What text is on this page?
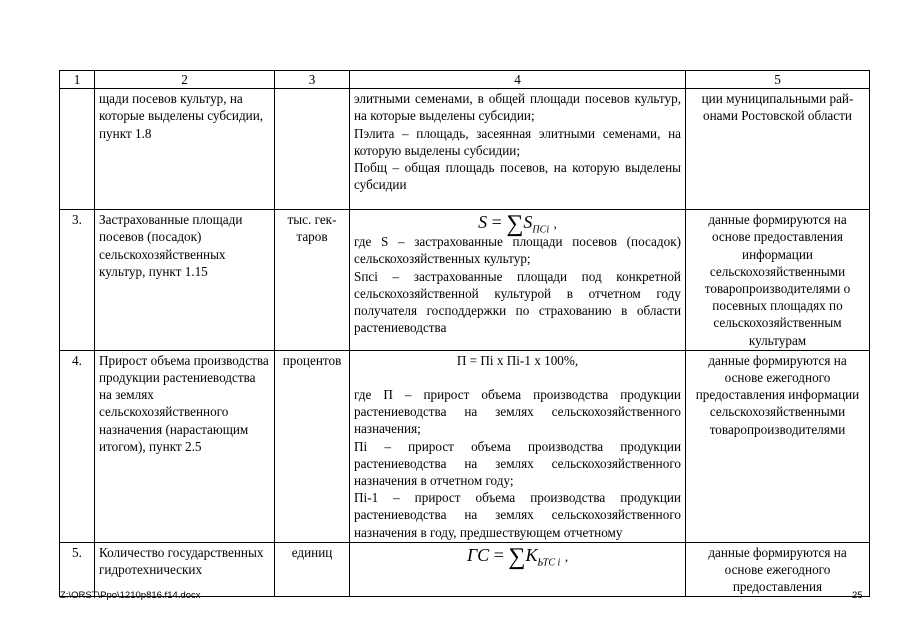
1	2	3	4	5
	щади посевов культур, на которые выделены субсидии, пункт 1.8		элитными семенами, в общей площади посевов культур, на которые выделены субсидии;

Пэлита – площадь, засеянная элитными семенами, на которую выделены субсидии;

Побщ – общая площадь посевов, на которую выделены субсидии	ции муниципальными рай-онами Ростовской области
3.	Застрахованные площади посевов (посадок) сельскохозяйственных культур, пункт 1.15	тыс. гек-таров	$S = \sum S_{ПСі}$ ,

где S – застрахованные площади посевов (посадок) сельскохозяйственных культур;

Sпсі – застрахованные площади под конкретной сельскохозяйственной культурой в отчетном году получателя господдержки по страхованию в области растениеводства	данные формируются на основе предоставления информации сельскохозяйственными товаропроизводителями о посевных площадях по сельскохозяйственным культурам
4.	Прирост объема производства продукции растениеводства на землях сельскохозяйственного назначения (нарастающим итогом), пункт 2.5	процентов	П = Пі х Пі-1 х 100%,

где П – прирост объема производства продукции растениеводства на землях сельскохозяйственного назначения;

Пі – прирост объема производства продукции растениеводства на землях сельскохозяйственного назначения в отчетном году;

Пі-1 – прирост объема производства продукции растениеводства на землях сельскохозяйственного назначения в году, предшествующем отчетному	данные формируются на основе ежегодного предоставления информации сельскохозяйственными товаропроизводителями
5.	Количество государственных гидротехнических	единиц	ГС = $\sum К_{ЬТС і}$ ,	данные формируются на основе ежегодного предоставления
Z:\ORST\Ppo\1210p816.f14.docx	25
